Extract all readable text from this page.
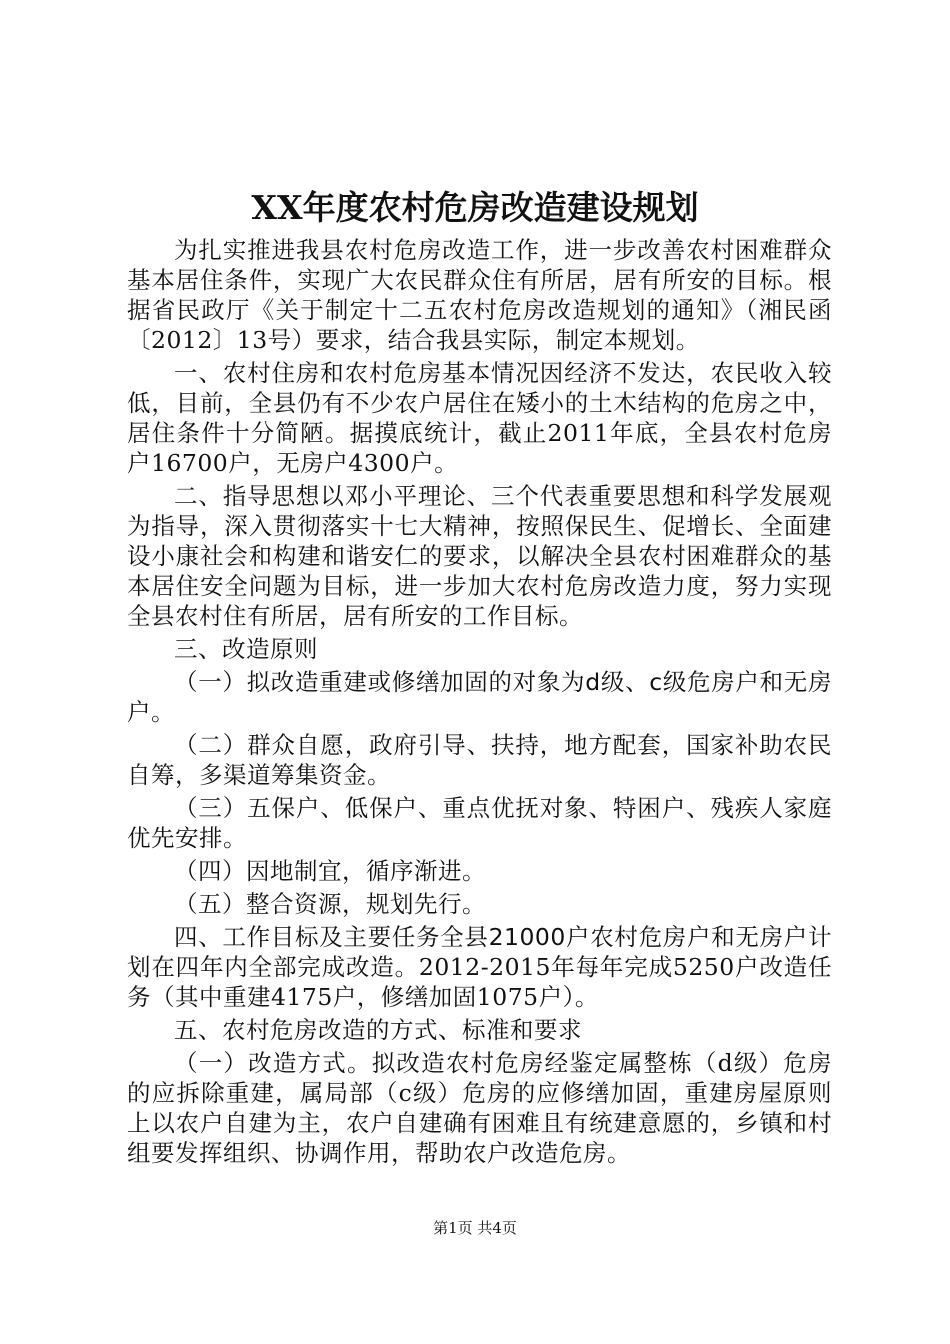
XX年度农村危房改造建设规划

为扎实推进我县农村危房改造工作，进一步改善农村困难群众基本居住条件，实现广大农民群众住有所居，居有所安的目标。根据省民政厅《关于制定十二五农村危房改造规划的通知》（湘民函〔2012〕13号）要求，结合我县实际，制定本规划。

一、农村住房和农村危房基本情况因经济不发达，农民收入较低，目前，全县仍有不少农户居住在矮小的土木结构的危房之中，居住条件十分简陋。据摸底统计，截止2011年底，全县农村危房户16700户，无房户4300户。

二、指导思想以邓小平理论、三个代表重要思想和科学发展观为指导，深入贯彻落实十七大精神，按照保民生、促增长、全面建设小康社会和构建和谐安仁的要求，以解决全县农村困难群众的基本居住安全问题为目标，进一步加大农村危房改造力度，努力实现全县农村住有所居，居有所安的工作目标。

三、改造原则

（一）拟改造重建或修缮加固的对象为d级、c级危房户和无房户。

（二）群众自愿，政府引导、扶持，地方配套，国家补助农民自筹，多渠道筹集资金。

（三）五保户、低保户、重点优抚对象、特困户、残疾人家庭优先安排。

（四）因地制宜，循序渐进。

（五）整合资源，规划先行。

四、工作目标及主要任务全县21000户农村危房户和无房户计划在四年内全部完成改造。2012-2015年每年完成5250户改造任务（其中重建4175户，修缮加固1075户）。

五、农村危房改造的方式、标准和要求

（一）改造方式。拟改造农村危房经鉴定属整栋（d级）危房的应拆除重建，属局部（c级）危房的应修缮加固，重建房屋原则上以农户自建为主，农户自建确有困难且有统建意愿的，乡镇和村组要发挥组织、协调作用，帮助农户改造危房。

第1页 共4页
